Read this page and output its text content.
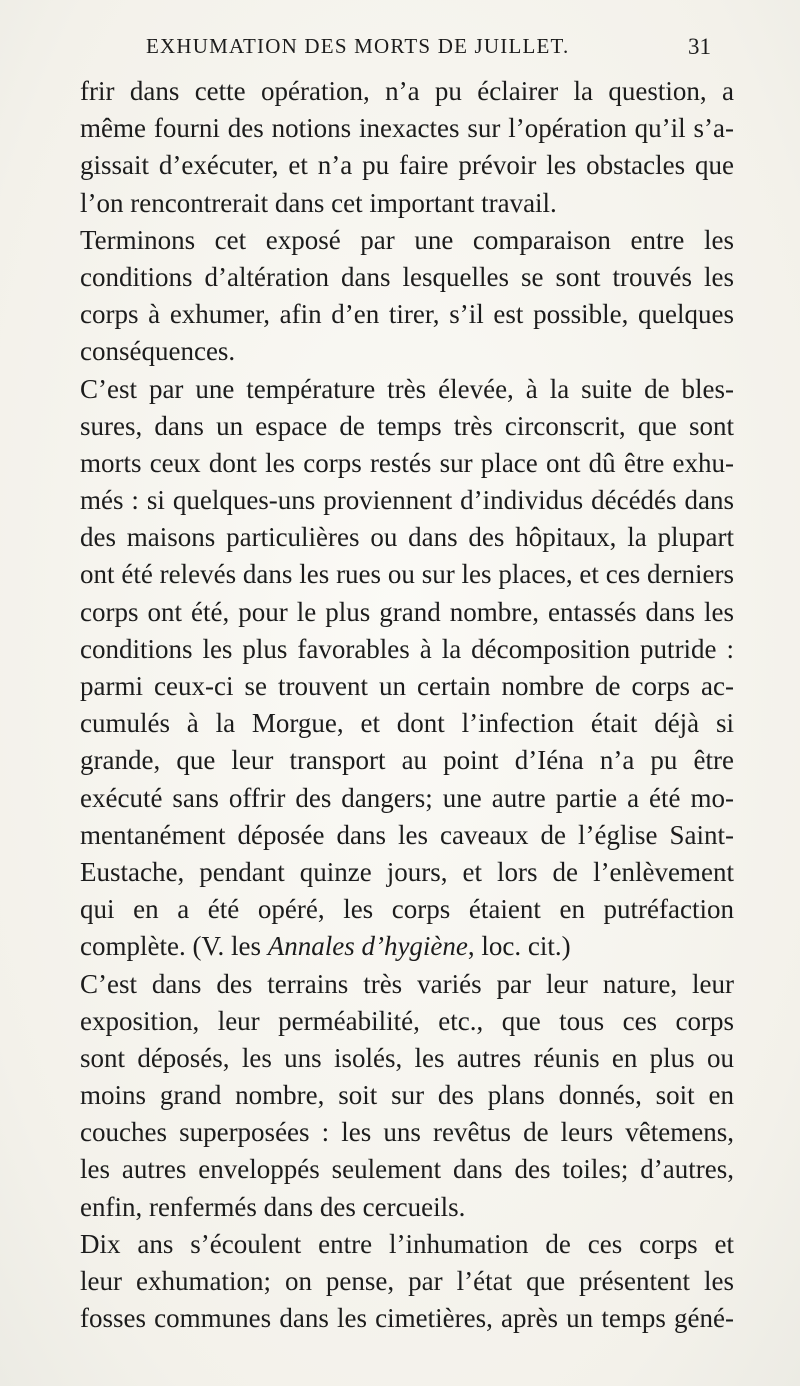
EXHUMATION DES MORTS DE JUILLET.	31
frir dans cette opération, n’a pu éclairer la question, a
même fourni des notions inexactes sur l’opération qu’il s’a-
gissait d’exécuter, et n’a pu faire prévoir les obstacles que
l’on rencontrerait dans cet important travail.
Terminons cet exposé par une comparaison entre les
conditions d’altération dans lesquelles se sont trouvés les
corps à exhumer, afin d’en tirer, s’il est possible, quelques
conséquences.
C’est par une température très élevée, à la suite de bles-
sures, dans un espace de temps très circonscrit, que sont
morts ceux dont les corps restés sur place ont dû être exhu-
més : si quelques-uns proviennent d’individus décédés dans
des maisons particulières ou dans des hôpitaux, la plupart
ont été relevés dans les rues ou sur les places, et ces derniers
corps ont été, pour le plus grand nombre, entassés dans les
conditions les plus favorables à la décomposition putride :
parmi ceux-ci se trouvent un certain nombre de corps ac-
cumulés à la Morgue, et dont l’infection était déjà si
grande, que leur transport au point d’Iéna n’a pu être
exécuté sans offrir des dangers; une autre partie a été mo-
mentanément déposée dans les caveaux de l’église Saint-
Eustache, pendant quinze jours, et lors de l’enlèvement
qui en a été opéré, les corps étaient en putréfaction
complète. (V. les Annales d’hygiène, loc. cit.)
C’est dans des terrains très variés par leur nature, leur
exposition, leur perméabilité, etc., que tous ces corps
sont déposés, les uns isolés, les autres réunis en plus ou
moins grand nombre, soit sur des plans donnés, soit en
couches superposées : les uns revêtus de leurs vêtemens,
les autres enveloppés seulement dans des toiles; d’autres,
enfin, renfermés dans des cercueils.
Dix ans s’écoulent entre l’inhumation de ces corps et
leur exhumation; on pense, par l’état que présentent les
fosses communes dans les cimetières, après un temps géné-
